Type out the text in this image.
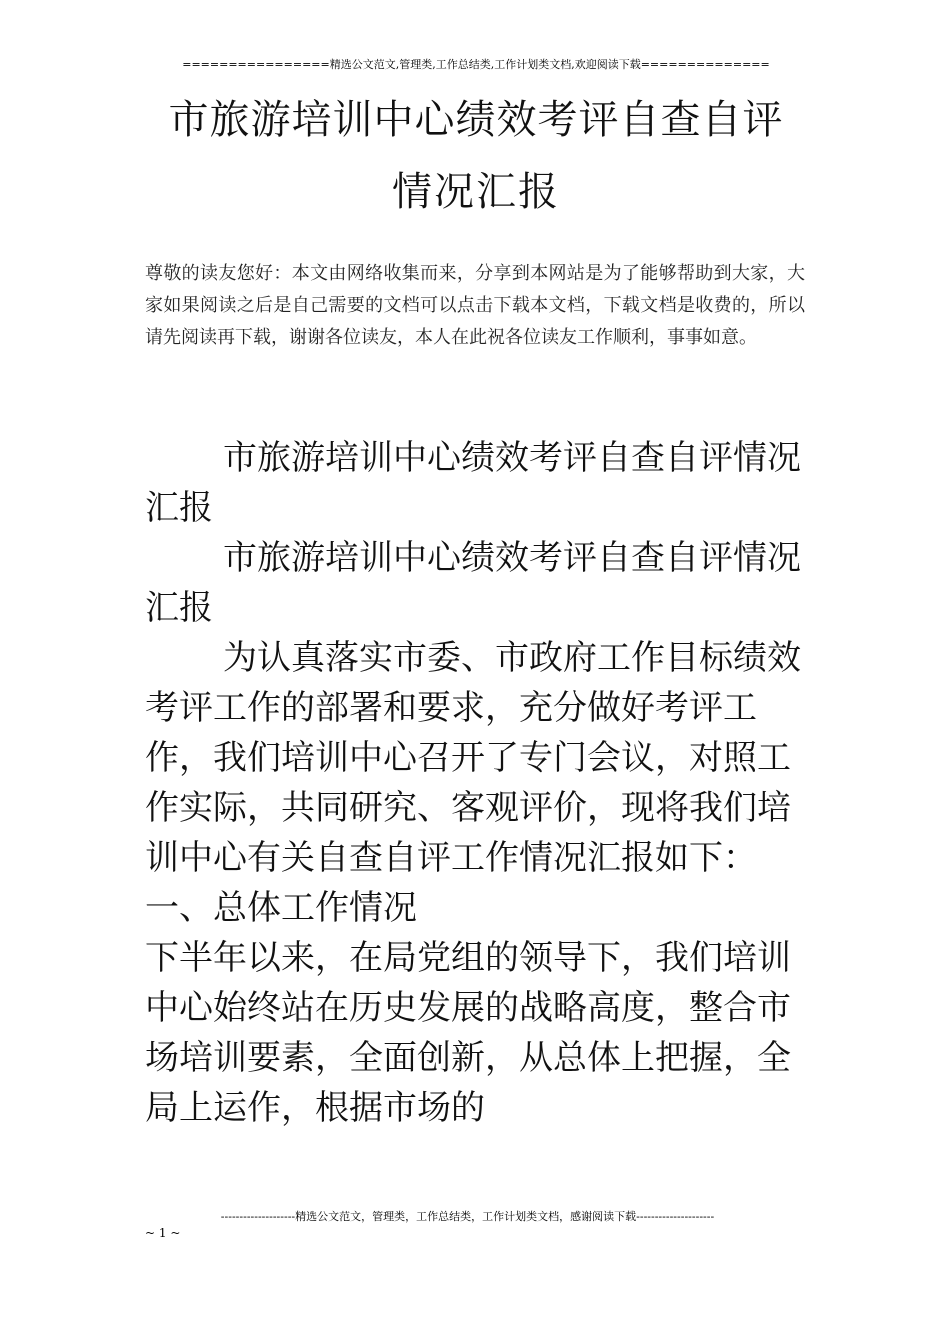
================精选公文范文,管理类,工作总结类,工作计划类文档,欢迎阅读下载==============
市旅游培训中心绩效考评自查自评
情况汇报
尊敬的读友您好：本文由网络收集而来，分享到本网站是为了能够帮助到大家，大家如果阅读之后是自己需要的文档可以点击下载本文档，下载文档是收费的，所以请先阅读再下载，谢谢各位读友，本人在此祝各位读友工作顺利，事事如意。

市旅游培训中心绩效考评自查自评情况汇报

市旅游培训中心绩效考评自查自评情况汇报

为认真落实市委、市政府工作目标绩效考评工作的部署和要求，充分做好考评工作，我们培训中心召开了专门会议，对照工作实际，共同研究、客观评价，现将我们培训中心有关自查自评工作情况汇报如下：

一、总体工作情况

下半年以来，在局党组的领导下，我们培训中心始终站在历史发展的战略高度，整合市场培训要素，全面创新，从总体上把握，全局上运作，根据市场的

--------------------精选公文范文，管理类，工作总结类，工作计划类文档，感谢阅读下载---------------------
~ 1 ~
